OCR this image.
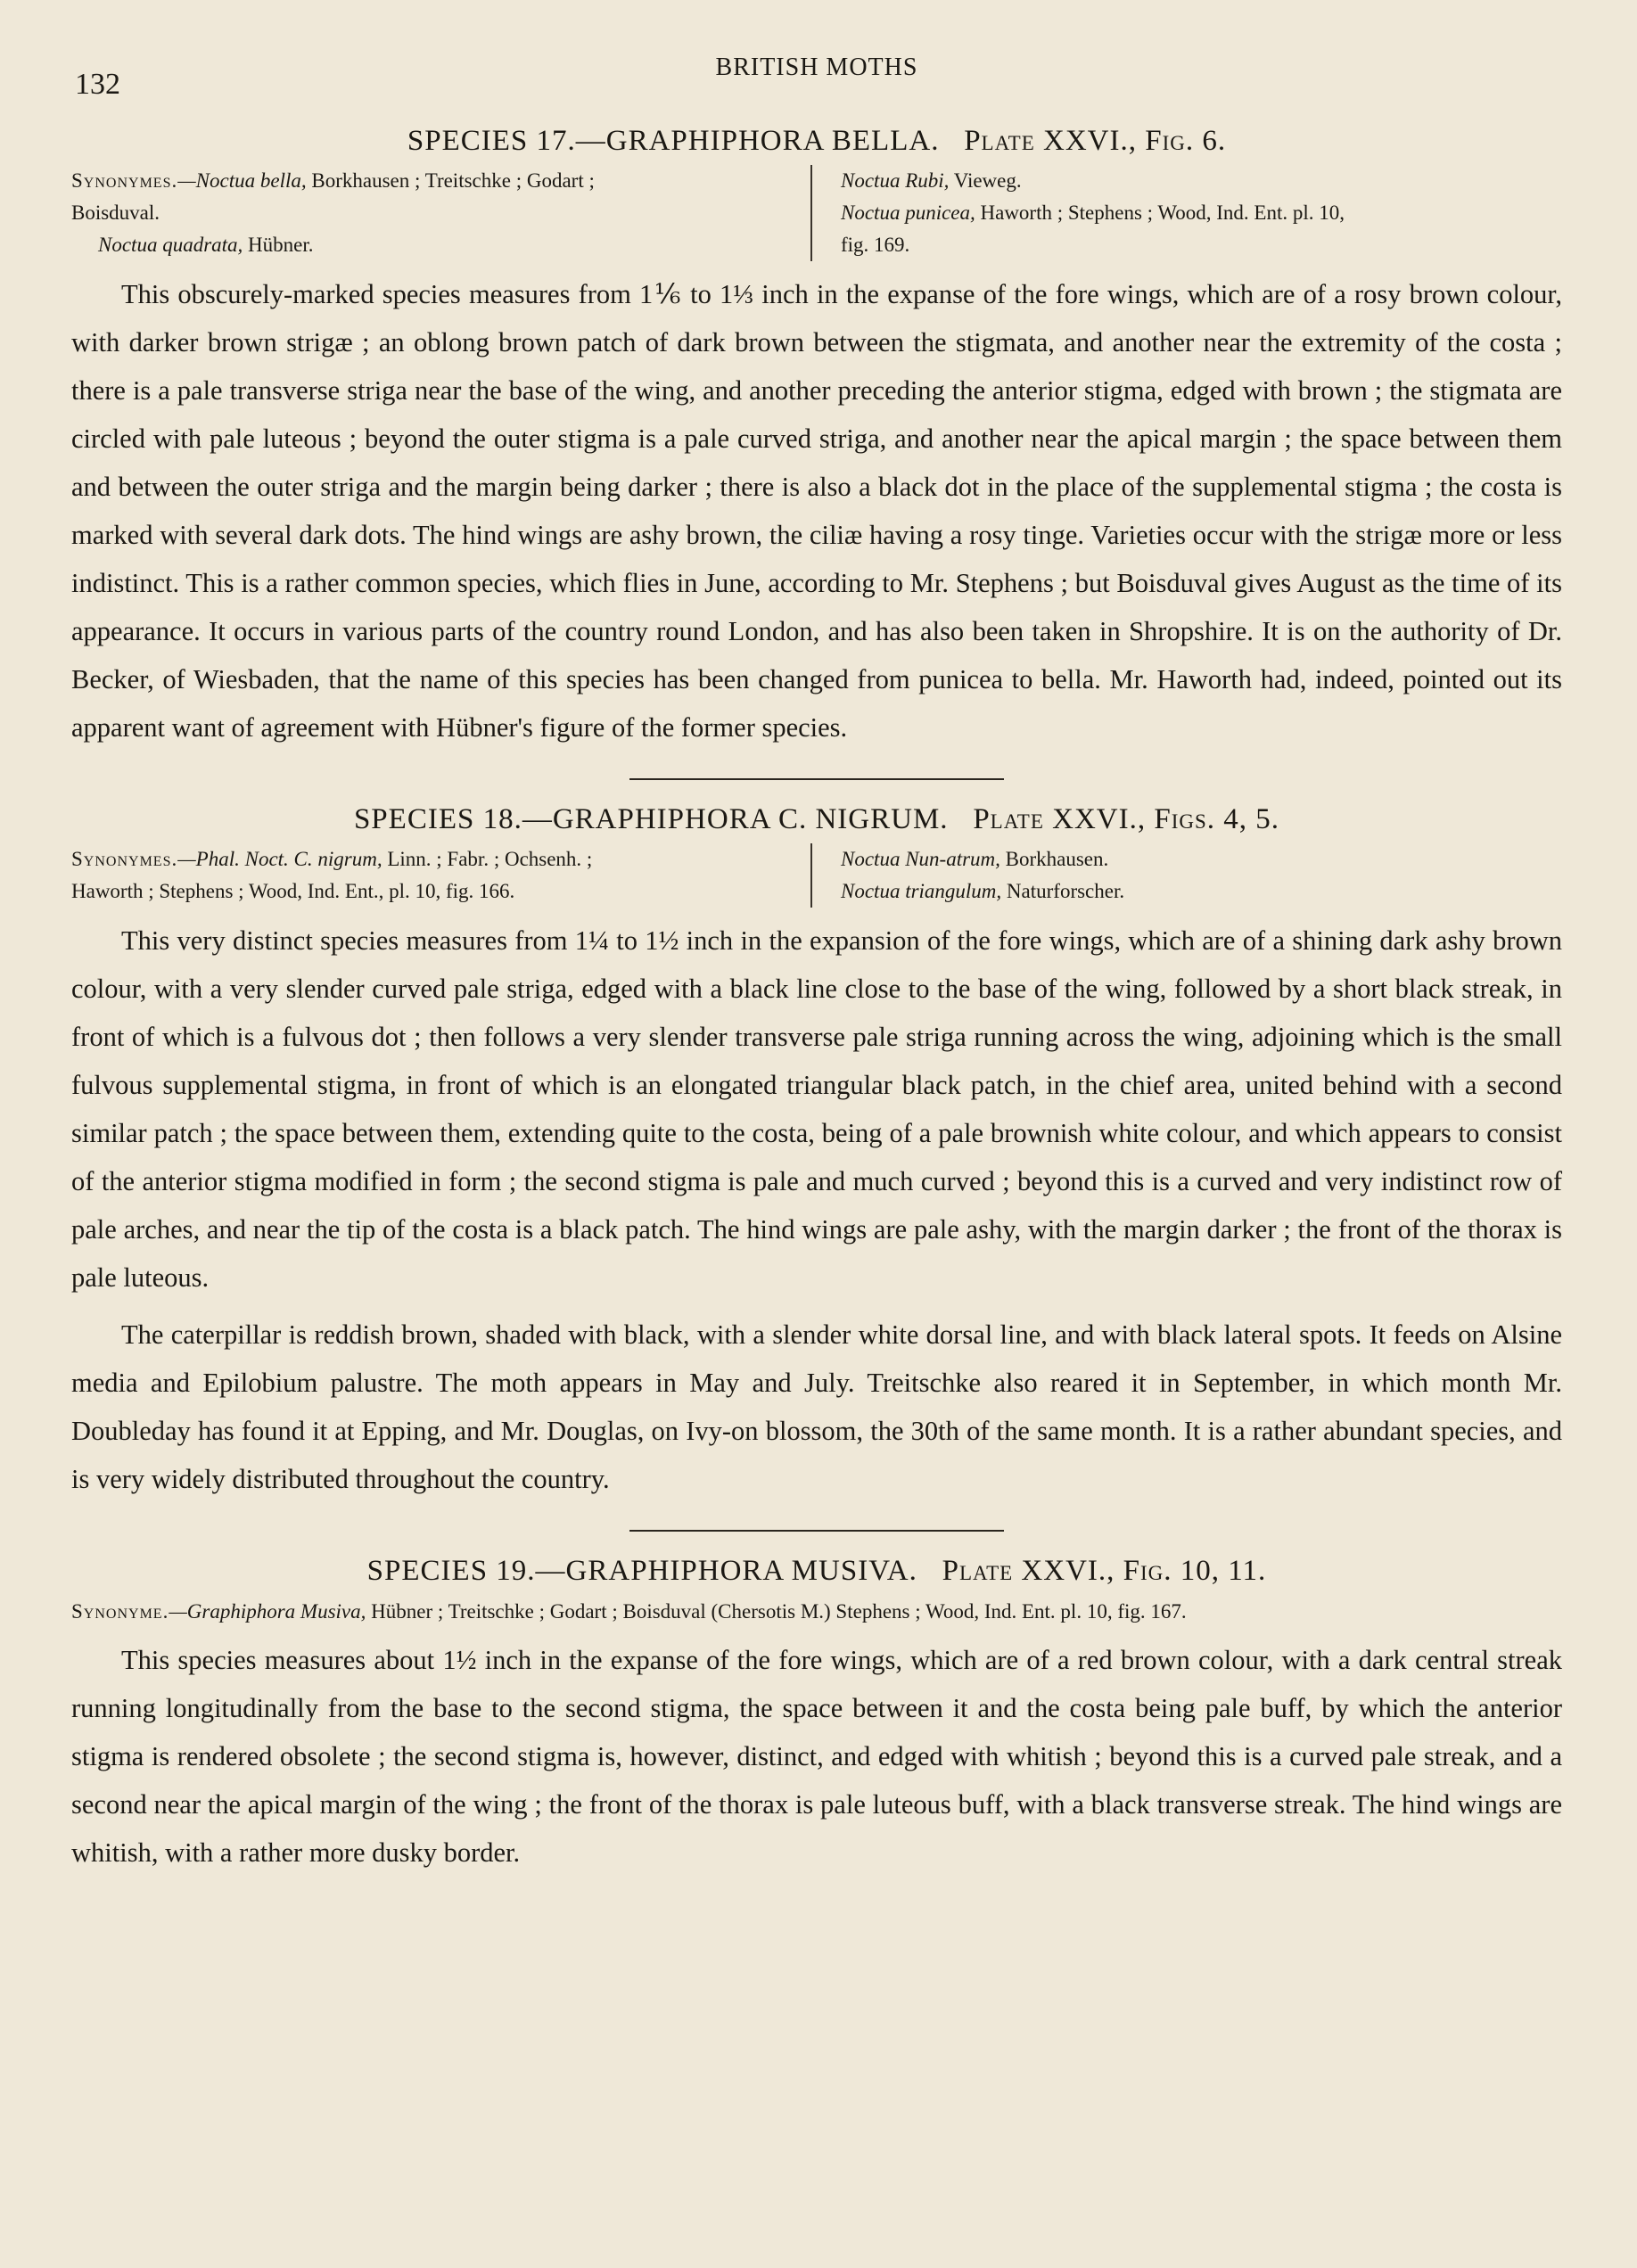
132
BRITISH MOTHS
SPECIES 17.—GRAPHIPHORA BELLA. Plate XXVI., Fig. 6.
Synonymes.—Noctua bella, Borkhausen ; Treitschke ; Godart ;
Boisduval.
Noctua quadrata, Hübner.
Noctua Rubi, Vieweg.
Noctua punicea, Haworth ; Stephens ; Wood, Ind. Ent. pl. 10,
fig. 169.

This obscurely-marked species measures from 1⅙ to 1⅓ inch in the expanse of the fore wings, which are of a rosy brown colour, with darker brown strigæ ; an oblong brown patch of dark brown between the stigmata, and another near the extremity of the costa ; there is a pale transverse striga near the base of the wing, and another preceding the anterior stigma, edged with brown ; the stigmata are circled with pale luteous ; beyond the outer stigma is a pale curved striga, and another near the apical margin ; the space between them and between the outer striga and the margin being darker ; there is also a black dot in the place of the supplemental stigma ; the costa is marked with several dark dots. The hind wings are ashy brown, the ciliæ having a rosy tinge. Varieties occur with the strigæ more or less indistinct. This is a rather common species, which flies in June, according to Mr. Stephens ; but Boisduval gives August as the time of its appearance. It occurs in various parts of the country round London, and has also been taken in Shropshire. It is on the authority of Dr. Becker, of Wiesbaden, that the name of this species has been changed from punicea to bella. Mr. Haworth had, indeed, pointed out its apparent want of agreement with Hübner's figure of the former species.

SPECIES 18.—GRAPHIPHORA C. NIGRUM. Plate XXVI., Figs. 4, 5.
Synonymes.—Phal. Noct. C. nigrum, Linn. ; Fabr. ; Ochsenh. ;
Haworth ; Stephens ; Wood, Ind. Ent., pl. 10, fig. 166.
Noctua Nun-atrum, Borkhausen.
Noctua triangulum, Naturforscher.

This very distinct species measures from 1¼ to 1½ inch in the expansion of the fore wings, which are of a shining dark ashy brown colour, with a very slender curved pale striga, edged with a black line close to the base of the wing, followed by a short black streak, in front of which is a fulvous dot ; then follows a very slender transverse pale striga running across the wing, adjoining which is the small fulvous supplemental stigma, in front of which is an elongated triangular black patch, in the chief area, united behind with a second similar patch ; the space between them, extending quite to the costa, being of a pale brownish white colour, and which appears to consist of the anterior stigma modified in form ; the second stigma is pale and much curved ; beyond this is a curved and very indistinct row of pale arches, and near the tip of the costa is a black patch. The hind wings are pale ashy, with the margin darker ; the front of the thorax is pale luteous.

The caterpillar is reddish brown, shaded with black, with a slender white dorsal line, and with black lateral spots. It feeds on Alsine media and Epilobium palustre. The moth appears in May and July. Treitschke also reared it in September, in which month Mr. Doubleday has found it at Epping, and Mr. Douglas, on Ivy-on blossom, the 30th of the same month. It is a rather abundant species, and is very widely distributed throughout the country.

SPECIES 19.—GRAPHIPHORA MUSIVA. Plate XXVI., Fig. 10, 11.
Synonyme.—Graphiphora Musiva, Hübner ; Treitschke ; Godart ; Boisduval (Chersotis M.) Stephens ; Wood, Ind. Ent. pl. 10, fig. 167.

This species measures about 1½ inch in the expanse of the fore wings, which are of a red brown colour, with a dark central streak running longitudinally from the base to the second stigma, the space between it and the costa being pale buff, by which the anterior stigma is rendered obsolete ; the second stigma is, however, distinct, and edged with whitish ; beyond this is a curved pale streak, and a second near the apical margin of the wing ; the front of the thorax is pale luteous buff, with a black transverse streak. The hind wings are whitish, with a rather more dusky border.
